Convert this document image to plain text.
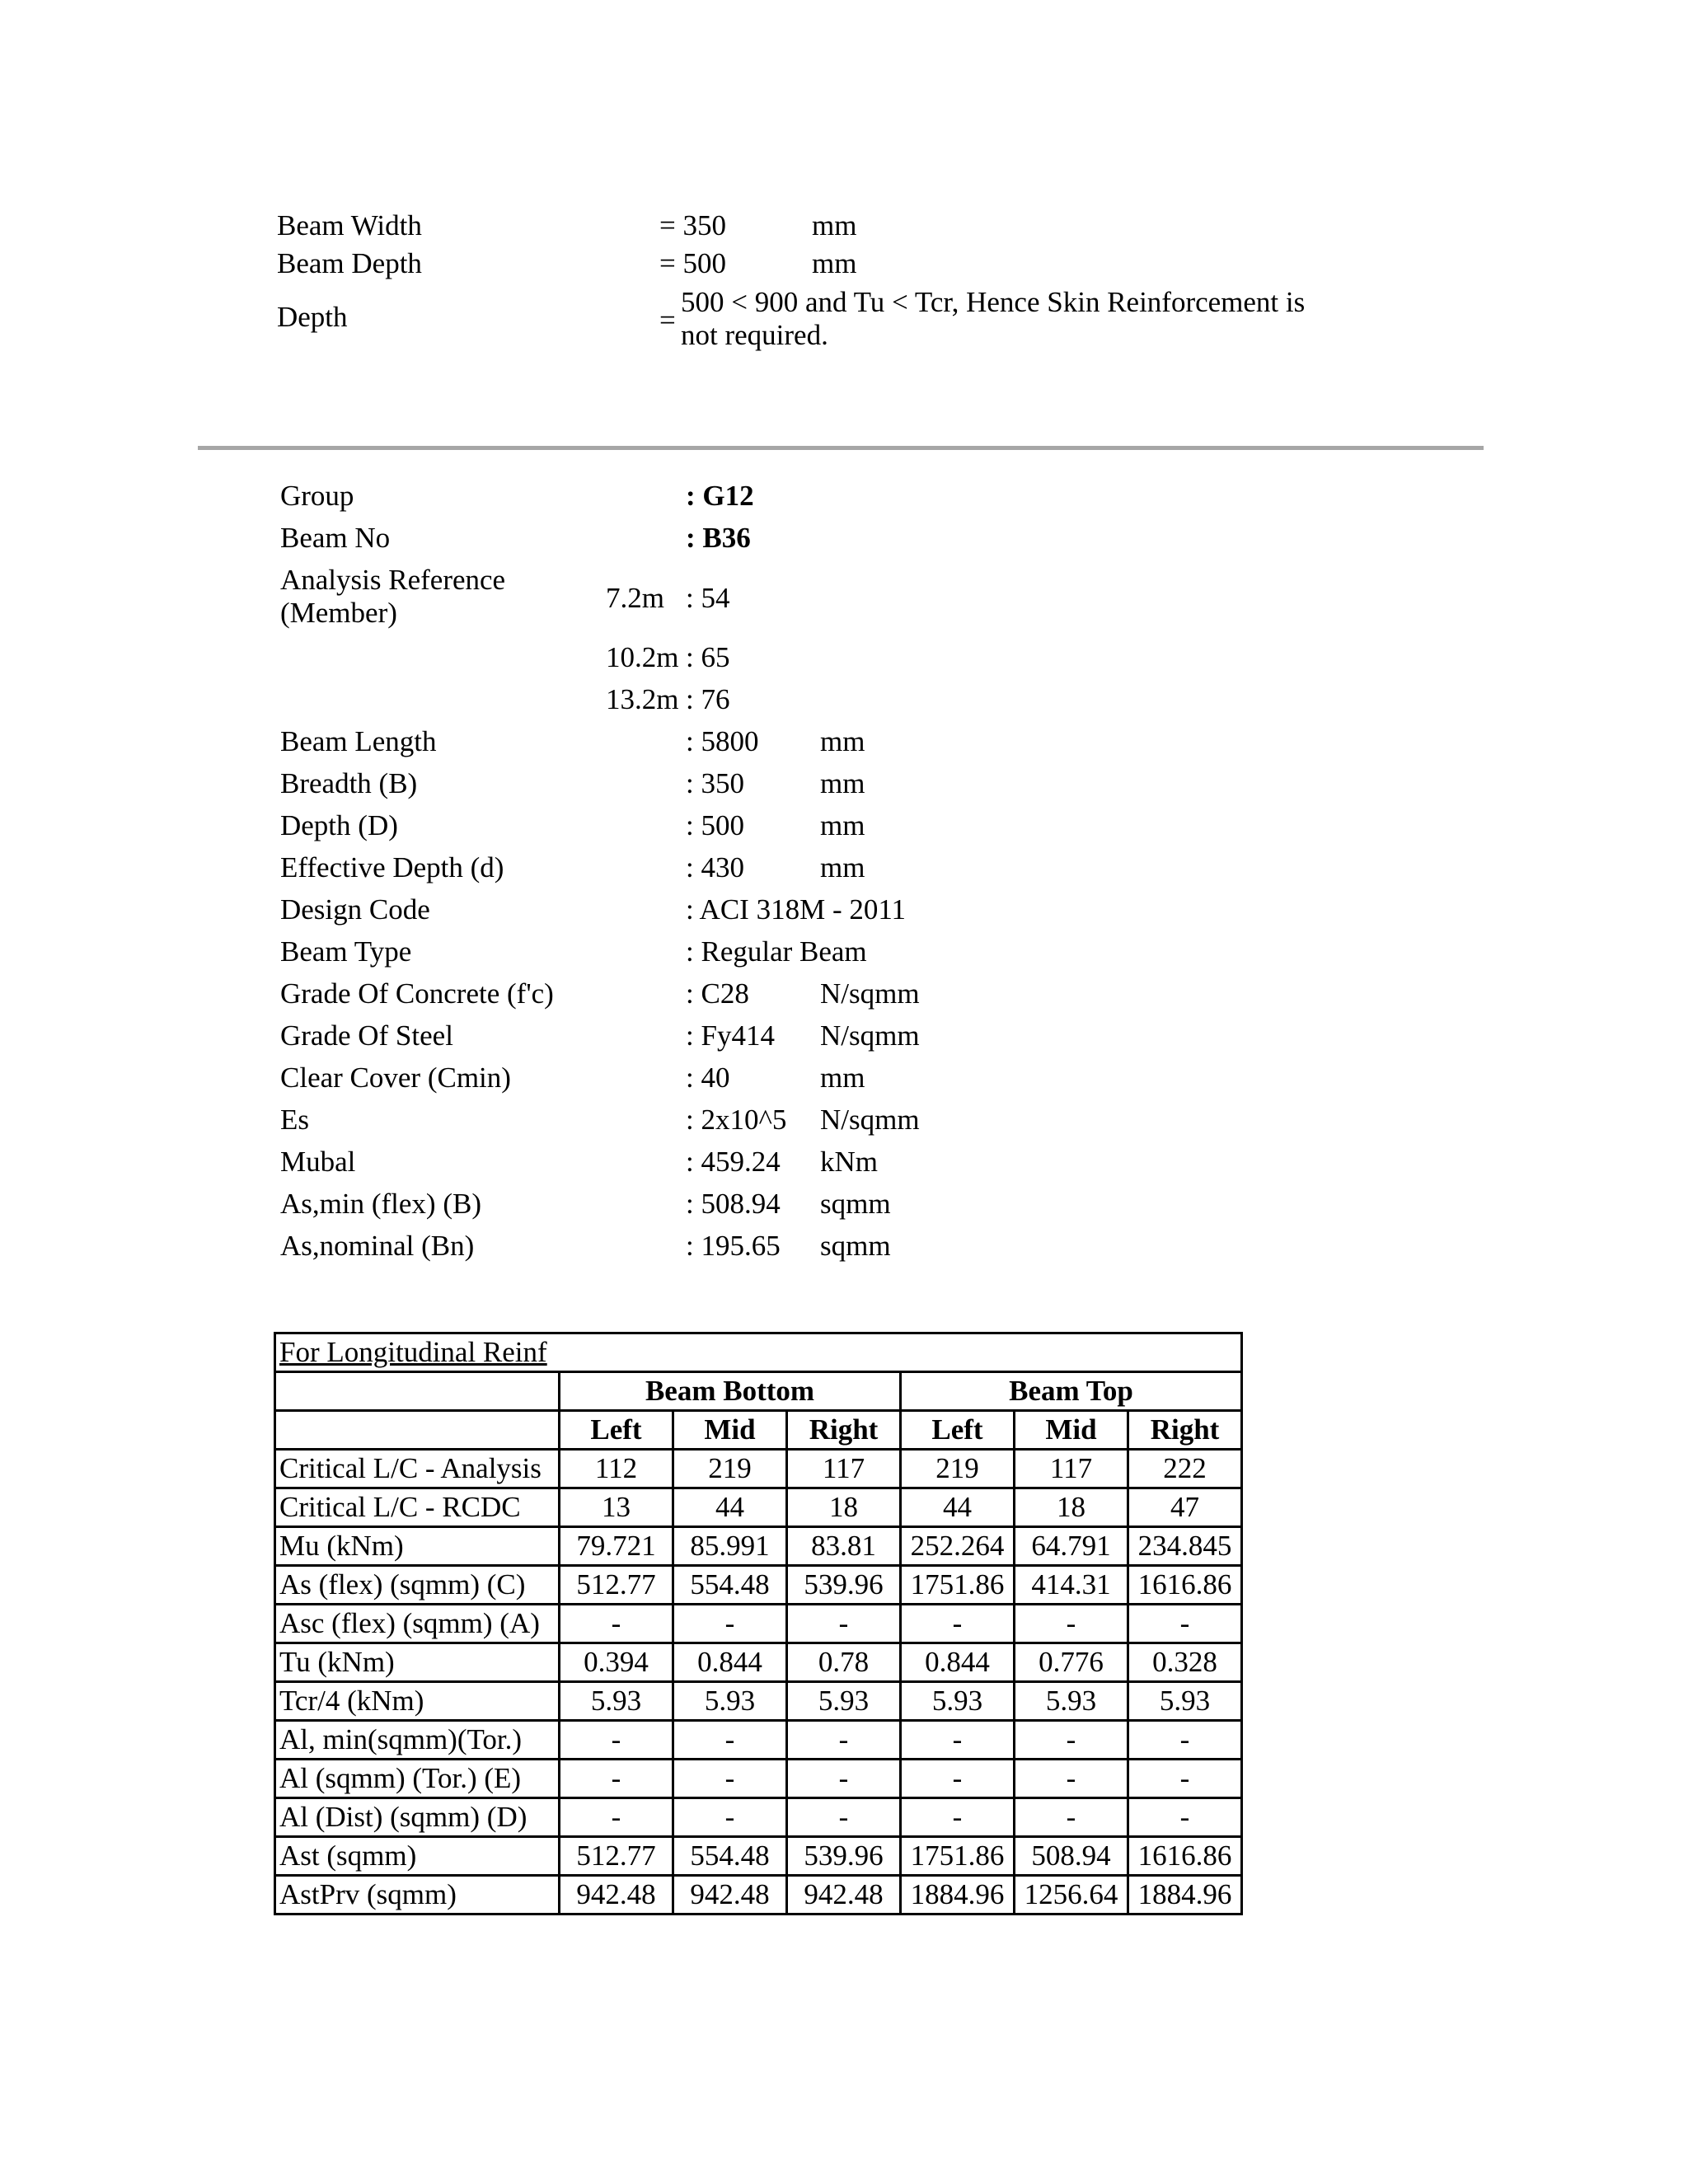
Beam Width	= 350	mm
Beam Depth	= 500	mm
Depth	=
500 < 900 and Tu < Tcr, Hence Skin Reinforcement is
not required.
Group	: G12
Beam No	: B36
Analysis Reference
(Member)	7.2m : 54
10.2m : 65
13.2m : 76
Beam Length	: 5800 mm
Breadth (B)	: 350	mm
Depth (D)	: 500	mm
Effective Depth (d)	: 430	mm
Design Code	: ACI 318M - 2011
Beam Type	: Regular Beam
Grade Of Concrete (f'c)	: C28 N/sqmm
Grade Of Steel	: Fy414 N/sqmm
Clear Cover (Cmin)	: 40	mm
Es	: 2x10^5 N/sqmm
Mubal	: 459.24 kNm
As,min (flex) (B)	: 508.94 sqmm
As,nominal (Bn)	: 195.65 sqmm
For Longitudinal Reinf						
	Beam Bottom			Beam Top		
	Left	Mid	Right	Left	Mid	Right
Critical L/C - Analysis	112	219	117	219	117	222
Critical L/C - RCDC	13	44	18	44	18	47
Mu (kNm)	79.721	85.991	83.81	252.264	64.791	234.845
As (flex) (sqmm) (C)	512.77	554.48	539.96	1751.86	414.31	1616.86
Asc (flex) (sqmm) (A)	-	-	-	-	-	-
Tu (kNm)	0.394	0.844	0.78	0.844	0.776	0.328
Tcr/4 (kNm)	5.93	5.93	5.93	5.93	5.93	5.93
Al, min(sqmm)(Tor.)	-	-	-	-	-	-
Al (sqmm) (Tor.) (E)	-	-	-	-	-	-
Al (Dist) (sqmm) (D)	-	-	-	-	-	-
Ast (sqmm)	512.77	554.48	539.96	1751.86	508.94	1616.86
AstPrv (sqmm)	942.48	942.48	942.48	1884.96	1256.64	1884.96
